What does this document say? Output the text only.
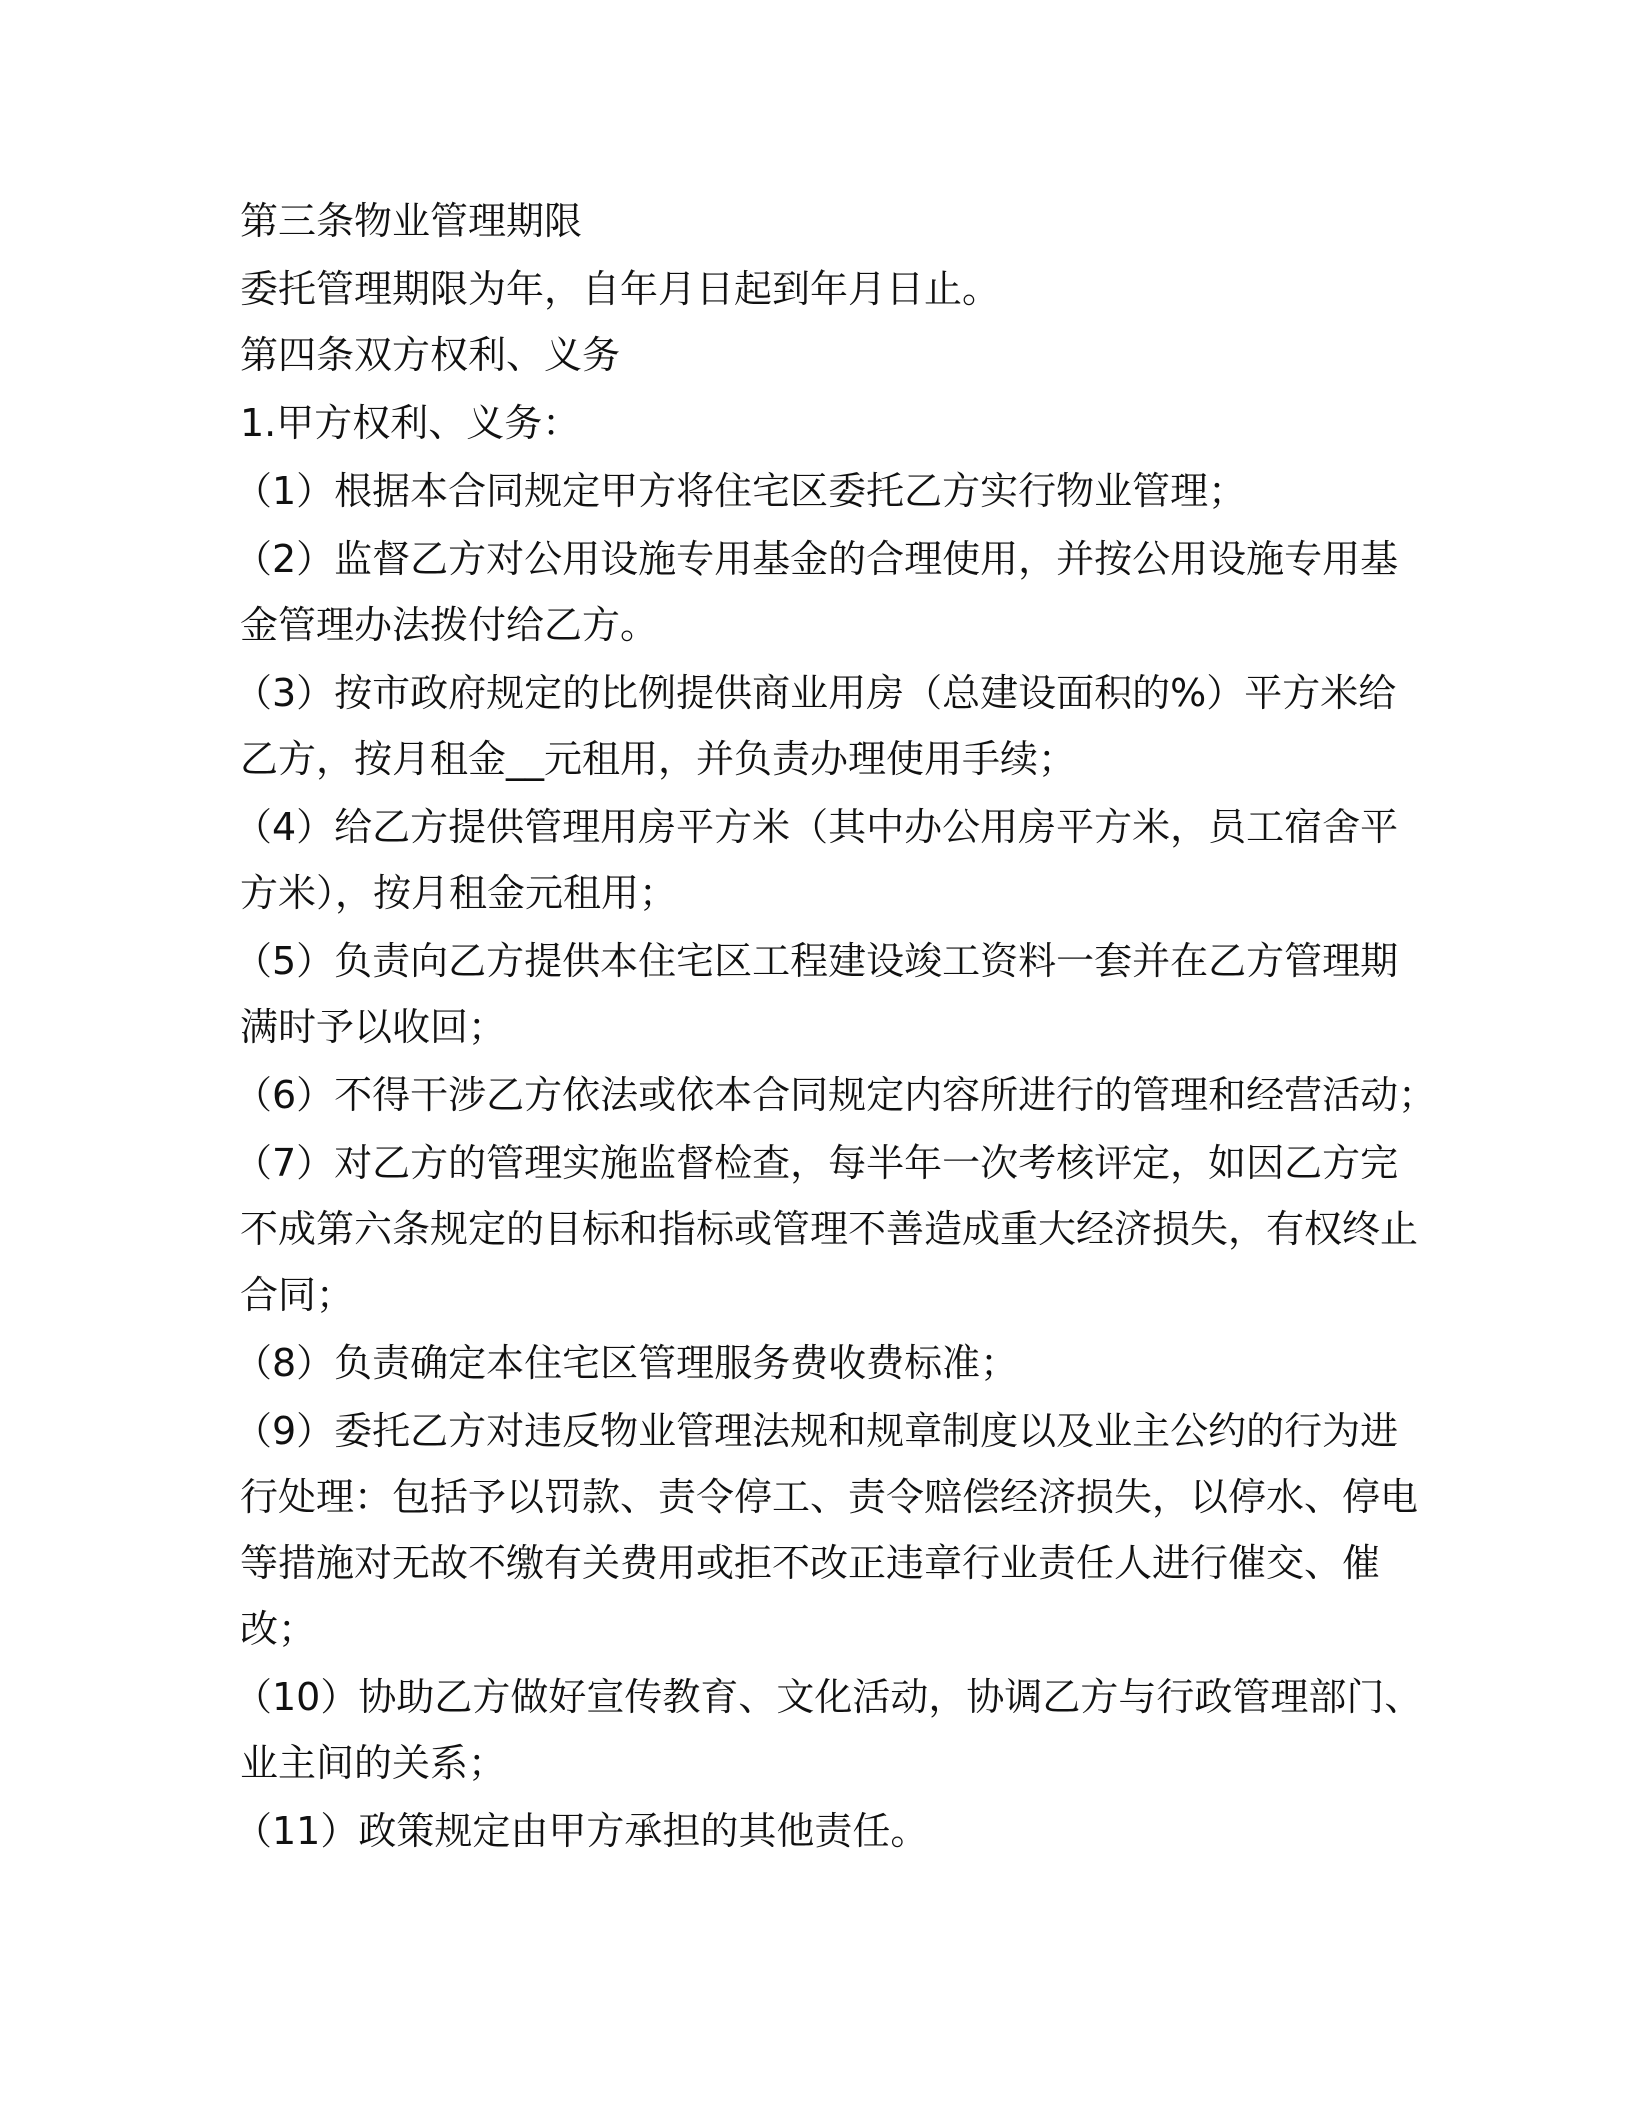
第三条物业管理期限

委托管理期限为年，自年月日起到年月日止。

第四条双方权利、义务

1.甲方权利、义务：

（1）根据本合同规定甲方将住宅区委托乙方实行物业管理；

（2）监督乙方对公用设施专用基金的合理使用，并按公用设施专用基

金管理办法拨付给乙方。

（3）按市政府规定的比例提供商业用房（总建设面积的%）平方米给

乙方，按月租金__元租用，并负责办理使用手续；

（4）给乙方提供管理用房平方米（其中办公用房平方米，员工宿舍平

方米），按月租金元租用；

（5）负责向乙方提供本住宅区工程建设竣工资料一套并在乙方管理期

满时予以收回；

（6）不得干涉乙方依法或依本合同规定内容所进行的管理和经营活动；

（7）对乙方的管理实施监督检查，每半年一次考核评定，如因乙方完

不成第六条规定的目标和指标或管理不善造成重大经济损失，有权终止

合同；

（8）负责确定本住宅区管理服务费收费标准；

（9）委托乙方对违反物业管理法规和规章制度以及业主公约的行为进

行处理：包括予以罚款、责令停工、责令赔偿经济损失，以停水、停电

等措施对无故不缴有关费用或拒不改正违章行业责任人进行催交、催

改；

（10）协助乙方做好宣传教育、文化活动，协调乙方与行政管理部门、

业主间的关系；

（11）政策规定由甲方承担的其他责任。
